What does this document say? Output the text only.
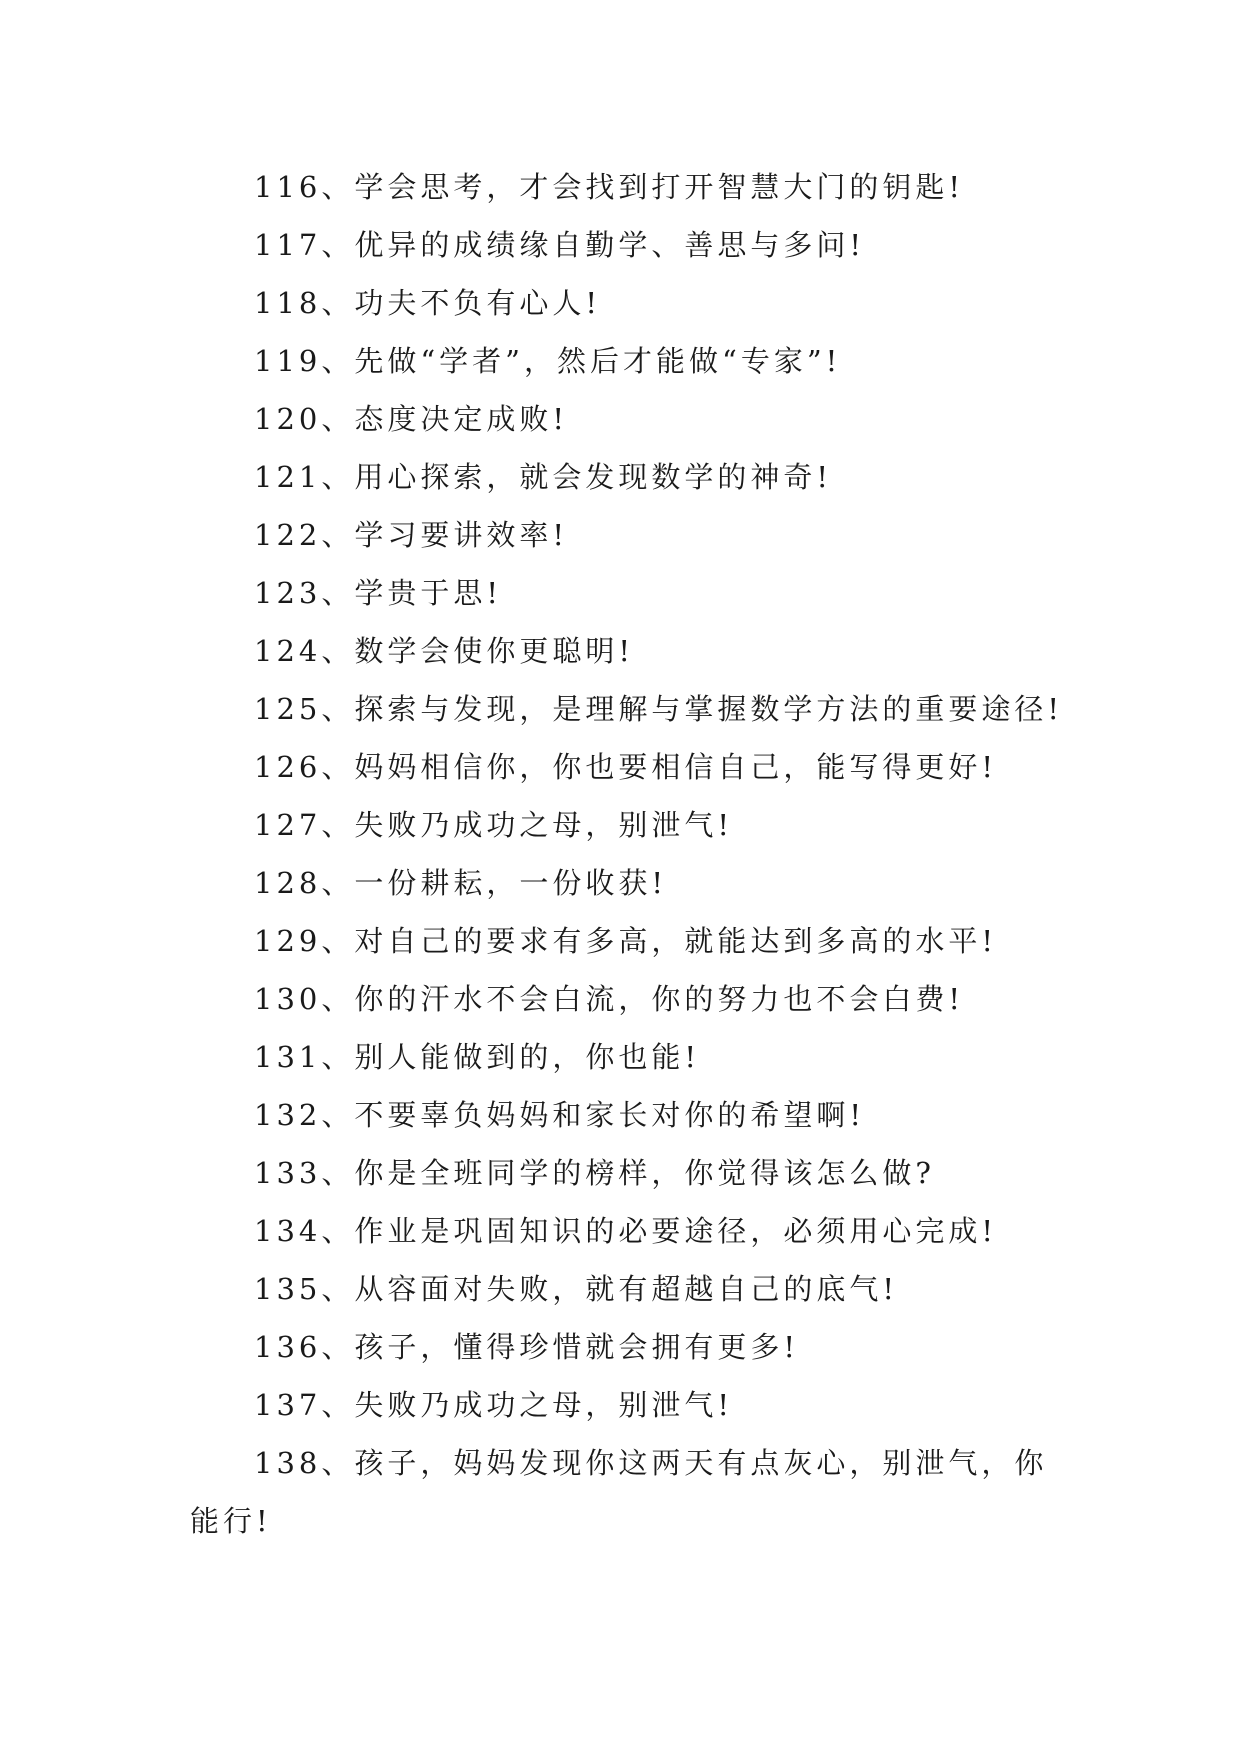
116、学会思考，才会找到打开智慧大门的钥匙!

117、优异的成绩缘自勤学、善思与多问!

118、功夫不负有心人!

119、先做“学者”，然后才能做“专家”!

120、态度决定成败!

121、用心探索，就会发现数学的神奇!

122、学习要讲效率!

123、学贵于思!

124、数学会使你更聪明!

125、探索与发现，是理解与掌握数学方法的重要途径!

126、妈妈相信你，你也要相信自己，能写得更好!

127、失败乃成功之母，别泄气!

128、一份耕耘，一份收获!

129、对自己的要求有多高，就能达到多高的水平!

130、你的汗水不会白流，你的努力也不会白费!

131、别人能做到的，你也能!

132、不要辜负妈妈和家长对你的希望啊!

133、你是全班同学的榜样，你觉得该怎么做?

134、作业是巩固知识的必要途径，必须用心完成!

135、从容面对失败，就有超越自己的底气!

136、孩子，懂得珍惜就会拥有更多!

137、失败乃成功之母，别泄气!

138、孩子，妈妈发现你这两天有点灰心，别泄气，你能行!
